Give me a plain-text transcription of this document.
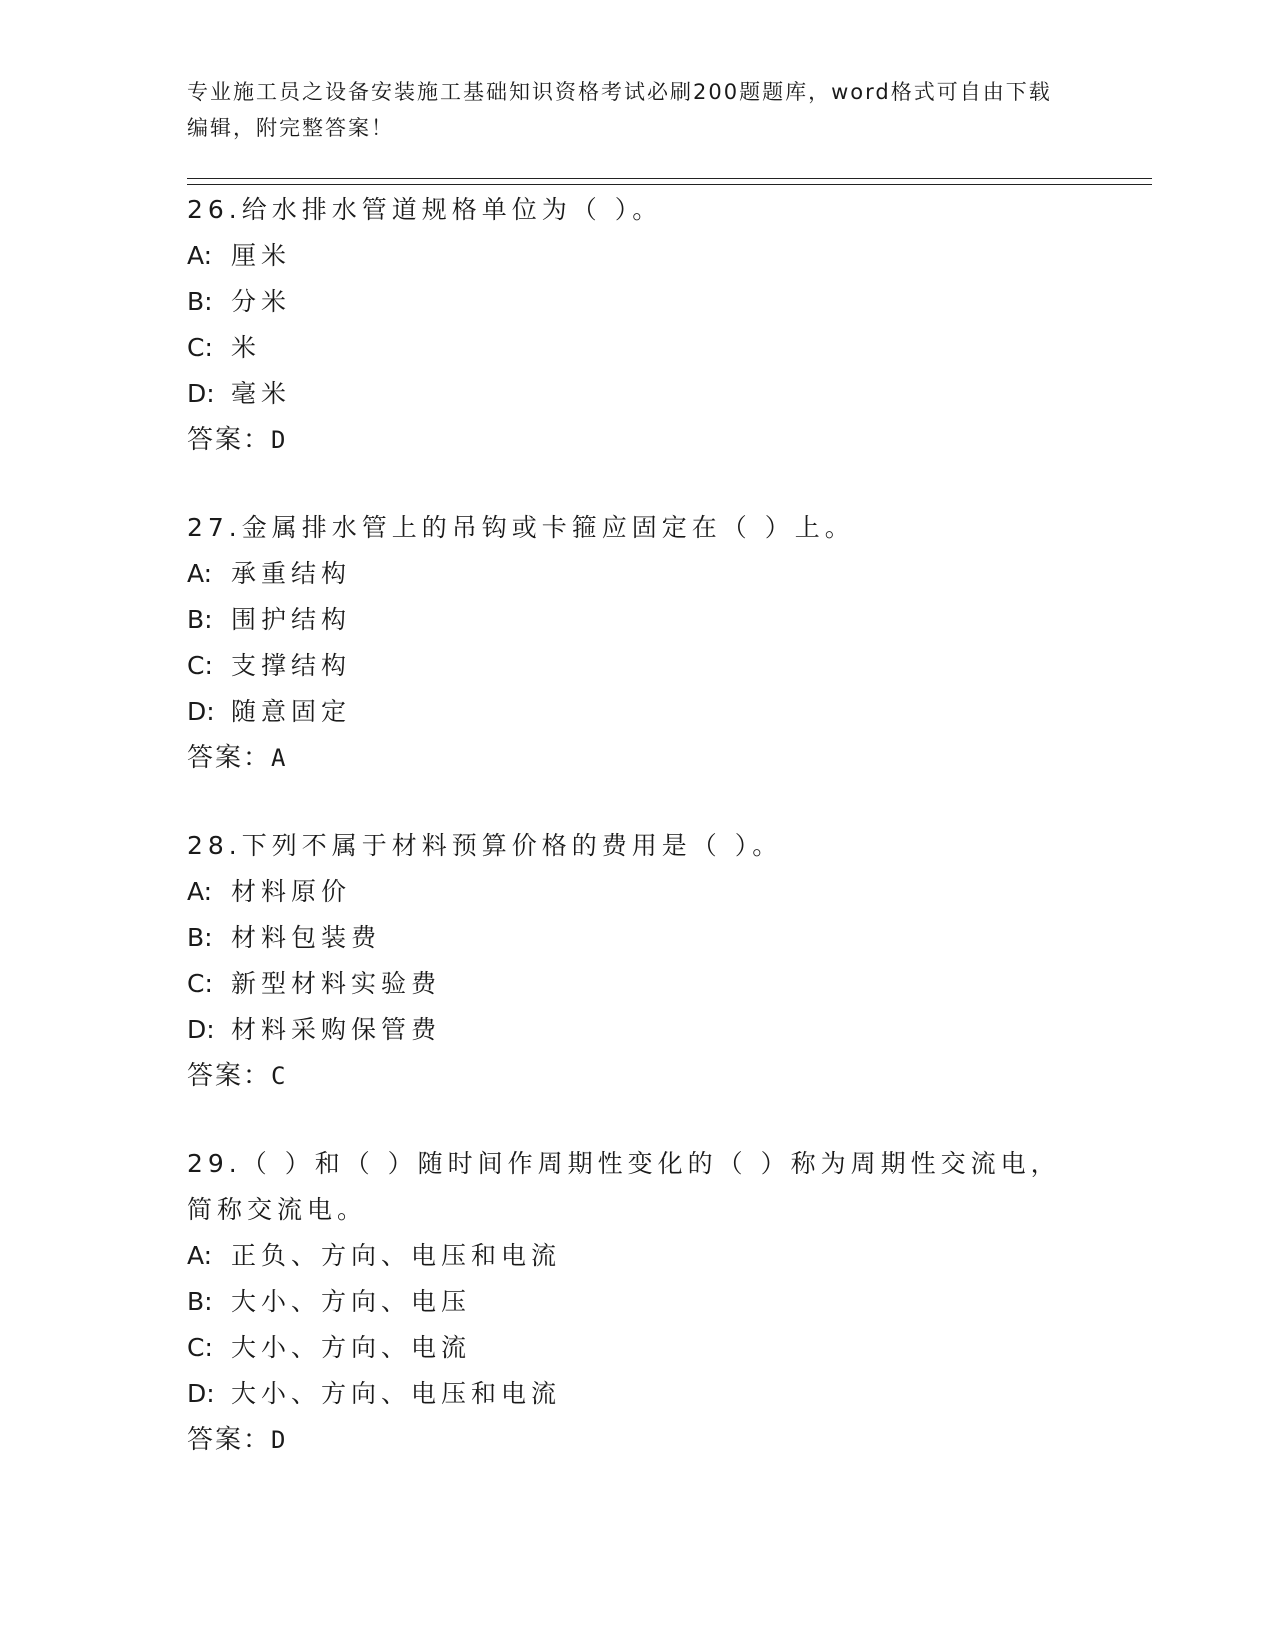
专业施工员之设备安装施工基础知识资格考试必刷200题题库，word格式可自由下载编辑，附完整答案！
26.给水排水管道规格单位为（ ）。
A: 厘米
B: 分米
C: 米
D: 毫米
答案：D
27.金属排水管上的吊钩或卡箍应固定在（ ）上。
A: 承重结构
B: 围护结构
C: 支撑结构
D: 随意固定
答案：A
28.下列不属于材料预算价格的费用是（ ）。
A: 材料原价
B: 材料包装费
C: 新型材料实验费
D: 材料采购保管费
答案：C
29.（ ）和（ ）随时间作周期性变化的（ ）称为周期性交流电，简称交流电。
A: 正负、方向、电压和电流
B: 大小、方向、电压
C: 大小、方向、电流
D: 大小、方向、电压和电流
答案：D
